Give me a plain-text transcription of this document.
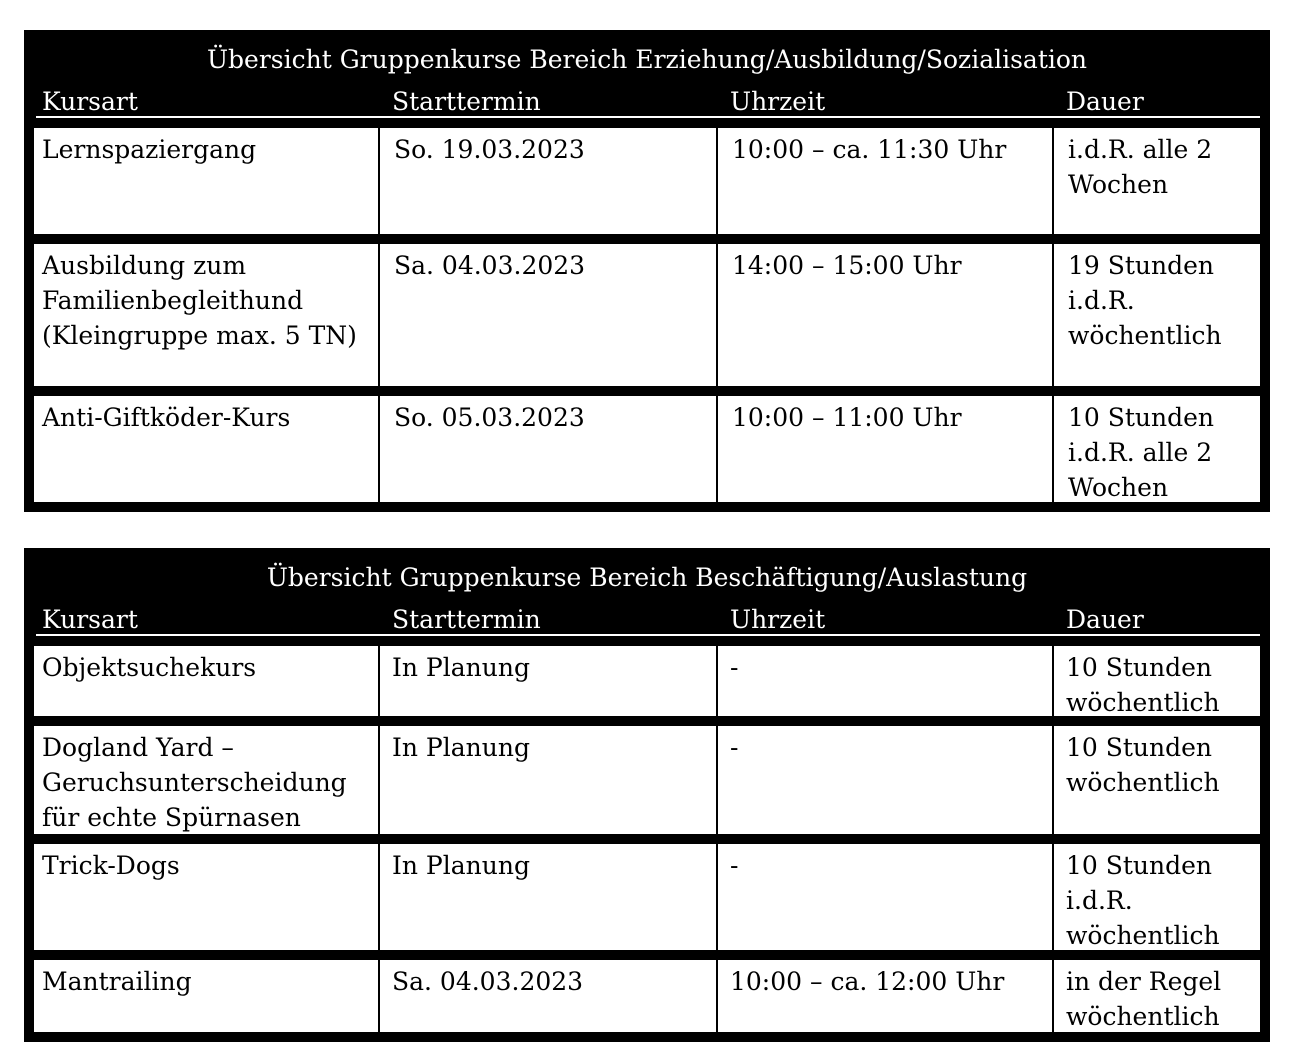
Übersicht Gruppenkurse Bereich Erziehung/Ausbildung/Sozialisation
Kursart	Starttermin	Uhrzeit	Dauer
Lernspaziergang	So. 19.03.2023	10:00 – ca. 11:30 Uhr	i.d.R. alle 2
Wochen
Ausbildung zum
Familienbegleithund
(Kleingruppe max. 5 TN)
Sa. 04.03.2023	14:00 – 15:00 Uhr	19 Stunden
i.d.R.
wöchentlich
Anti-Giftköder-Kurs	So. 05.03.2023	10:00 – 11:00 Uhr	10 Stunden
i.d.R. alle 2
Wochen
Übersicht Gruppenkurse Bereich Beschäftigung/Auslastung
Kursart	Starttermin	Uhrzeit	Dauer
Objektsuchekurs	In Planung	-	10 Stunden
wöchentlich
Dogland Yard –
Geruchsunterscheidung
für echte Spürnasen
In Planung	-	10 Stunden
wöchentlich
Trick-Dogs	In Planung	-	10 Stunden
i.d.R.
wöchentlich
Mantrailing	Sa. 04.03.2023	10:00 – ca. 12:00 Uhr	in der Regel
wöchentlich
